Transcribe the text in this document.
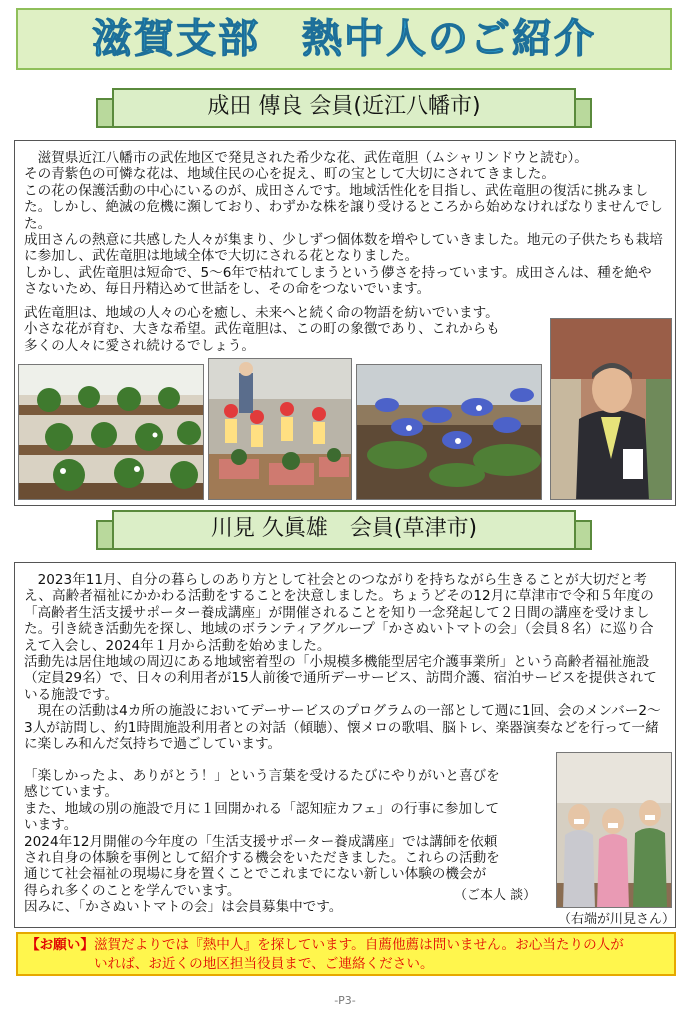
滋賀支部　熱中人のご紹介
成田 傳良 会員(近江八幡市)

　滋賀県近江八幡市の武佐地区で発見された希少な花、武佐竜胆（ムシャリンドウと読む）。
その青紫色の可憐な花は、地域住民の心を捉え、町の宝として大切にされてきました。
この花の保護活動の中心にいるのが、成田さんです。地域活性化を目指し、武佐竜胆の復活に挑みました。しかし、絶滅の危機に瀕しており、わずかな株を譲り受けるところから始めなければなりませんでした。
成田さんの熱意に共感した人々が集まり、少しずつ個体数を増やしていきました。地元の子供たちも栽培に参加し、武佐竜胆は地域全体で大切にされる花となりました。
しかし、武佐竜胆は短命で、5～6年で枯れてしまうという儚さを持っています。成田さんは、種を絶やさないため、毎日丹精込めて世話をし、その命をつないでいます。

武佐竜胆は、地域の人々の心を癒し、未来へと続く命の物語を紡いでいます。
小さな花が育む、大きな希望。武佐竜胆は、この町の象徴であり、これからも
多くの人々に愛され続けるでしょう。

川見 久眞雄　会員(草津市)

　2023年11月、自分の暮らしのあり方として社会とのつながりを持ちながら生きることが大切だと考え、高齢者福祉にかかわる活動をすることを決意しました。ちょうどその12月に草津市で令和５年度の「高齢者生活支援サポーター養成講座」が開催されることを知り一念発起して２日間の講座を受けました。引き続き活動先を探し、地域のボランティアグループ「かさぬいトマトの会」（会員８名）に巡り合えて入会し、2024年１月から活動を始めました。
活動先は居住地域の周辺にある地域密着型の「小規模多機能型居宅介護事業所」という高齢者福祉施設（定員29名）で、日々の利用者が15人前後で通所デーサービス、訪問介護、宿泊サービスを提供されている施設です。
　現在の活動は4カ所の施設においてデーサービスのプログラムの一部として週に1回、会のメンバー2～3人が訪問し、約1時間施設利用者との対話（傾聴）、懐メロの歌唱、脳トレ、楽器演奏などを行って一緒に楽しみ和んだ気持ちで過ごしています。

「楽しかったよ、ありがとう！」という言葉を受けるたびにやりがいと喜びを
感じています。
また、地域の別の施設で月に１回開かれる「認知症カフェ」の行事に参加して
います。
2024年12月開催の今年度の「生活支援サポーター養成講座」では講師を依頼
され自身の体験を事例として紹介する機会をいただきました。これらの活動を
通じて社会福祉の現場に身を置くことでこれまでにない新しい体験の機会が
得られ多くのことを学んでいます。
因みに、「かさぬいトマトの会」は会員募集中です。

（ご本人 談）
（右端が川見さん）
【お願い】滋賀だよりでは『熱中人』を探しています。自薦他薦は問いません。お心当たりの人が
　　　　　いれば、お近くの地区担当役員まで、ご連絡ください。
-P3-
